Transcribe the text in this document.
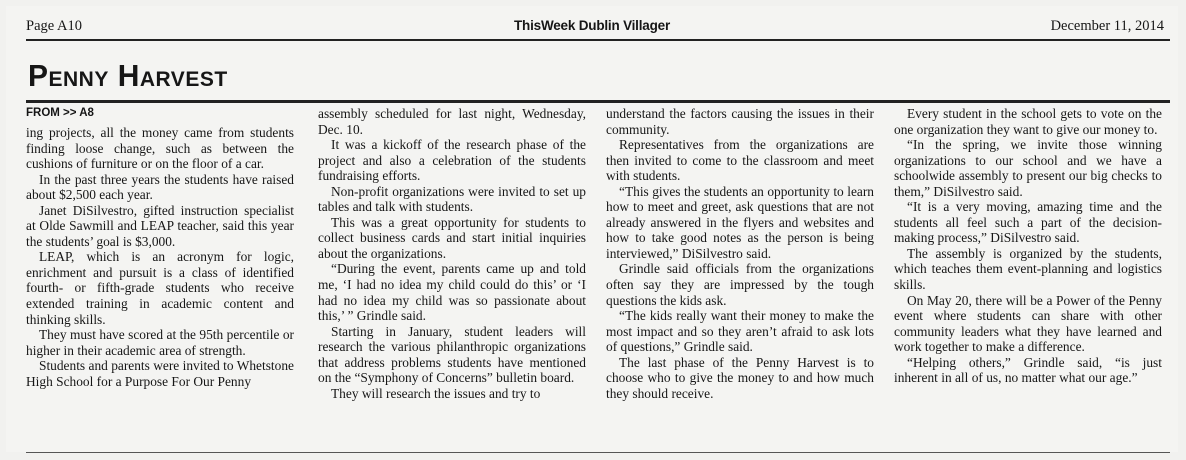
Page A10	ThisWeek Dublin Villager	December 11, 2014
Penny Harvest
FROM >> A8

ing projects, all the money came from students finding loose change, such as between the cushions of furniture or on the floor of a car.

In the past three years the students have raised about $2,500 each year.

Janet DiSilvestro, gifted instruction specialist at Olde Sawmill and LEAP teacher, said this year the students’ goal is $3,000.

LEAP, which is an acronym for logic, enrichment and pursuit is a class of identified fourth- or fifth-grade students who receive extended training in academic content and thinking skills.

They must have scored at the 95th percentile or higher in their academic area of strength.

Students and parents were invited to Whetstone High School for a Purpose For Our Penny

assembly scheduled for last night, Wednesday, Dec. 10.

It was a kickoff of the research phase of the project and also a celebration of the students fundraising efforts.

Non-profit organizations were invited to set up tables and talk with students.

This was a great opportunity for students to collect business cards and start initial inquiries about the organizations.

“During the event, parents came up and told me, ‘I had no idea my child could do this’ or ‘I had no idea my child was so passionate about this,’ ” Grindle said.

Starting in January, student leaders will research the various philanthropic organizations that address problems students have mentioned on the “Symphony of Concerns” bulletin board.

They will research the issues and try to

understand the factors causing the issues in their community.

Representatives from the organizations are then invited to come to the classroom and meet with students.

“This gives the students an opportunity to learn how to meet and greet, ask questions that are not already answered in the flyers and websites and how to take good notes as the person is being interviewed,” DiSilvestro said.

Grindle said officials from the organizations often say they are impressed by the tough questions the kids ask.

“The kids really want their money to make the most impact and so they aren’t afraid to ask lots of questions,” Grindle said.

The last phase of the Penny Harvest is to choose who to give the money to and how much they should receive.

Every student in the school gets to vote on the one organization they want to give our money to.

“In the spring, we invite those winning organizations to our school and we have a schoolwide assembly to present our big checks to them,” DiSilvestro said.

“It is a very moving, amazing time and the students all feel such a part of the decision-making process,” DiSilvestro said.

The assembly is organized by the students, which teaches them event-planning and logistics skills.

On May 20, there will be a Power of the Penny event where students can share with other community leaders what they have learned and work together to make a difference.

“Helping others,” Grindle said, “is just inherent in all of us, no matter what our age.”
